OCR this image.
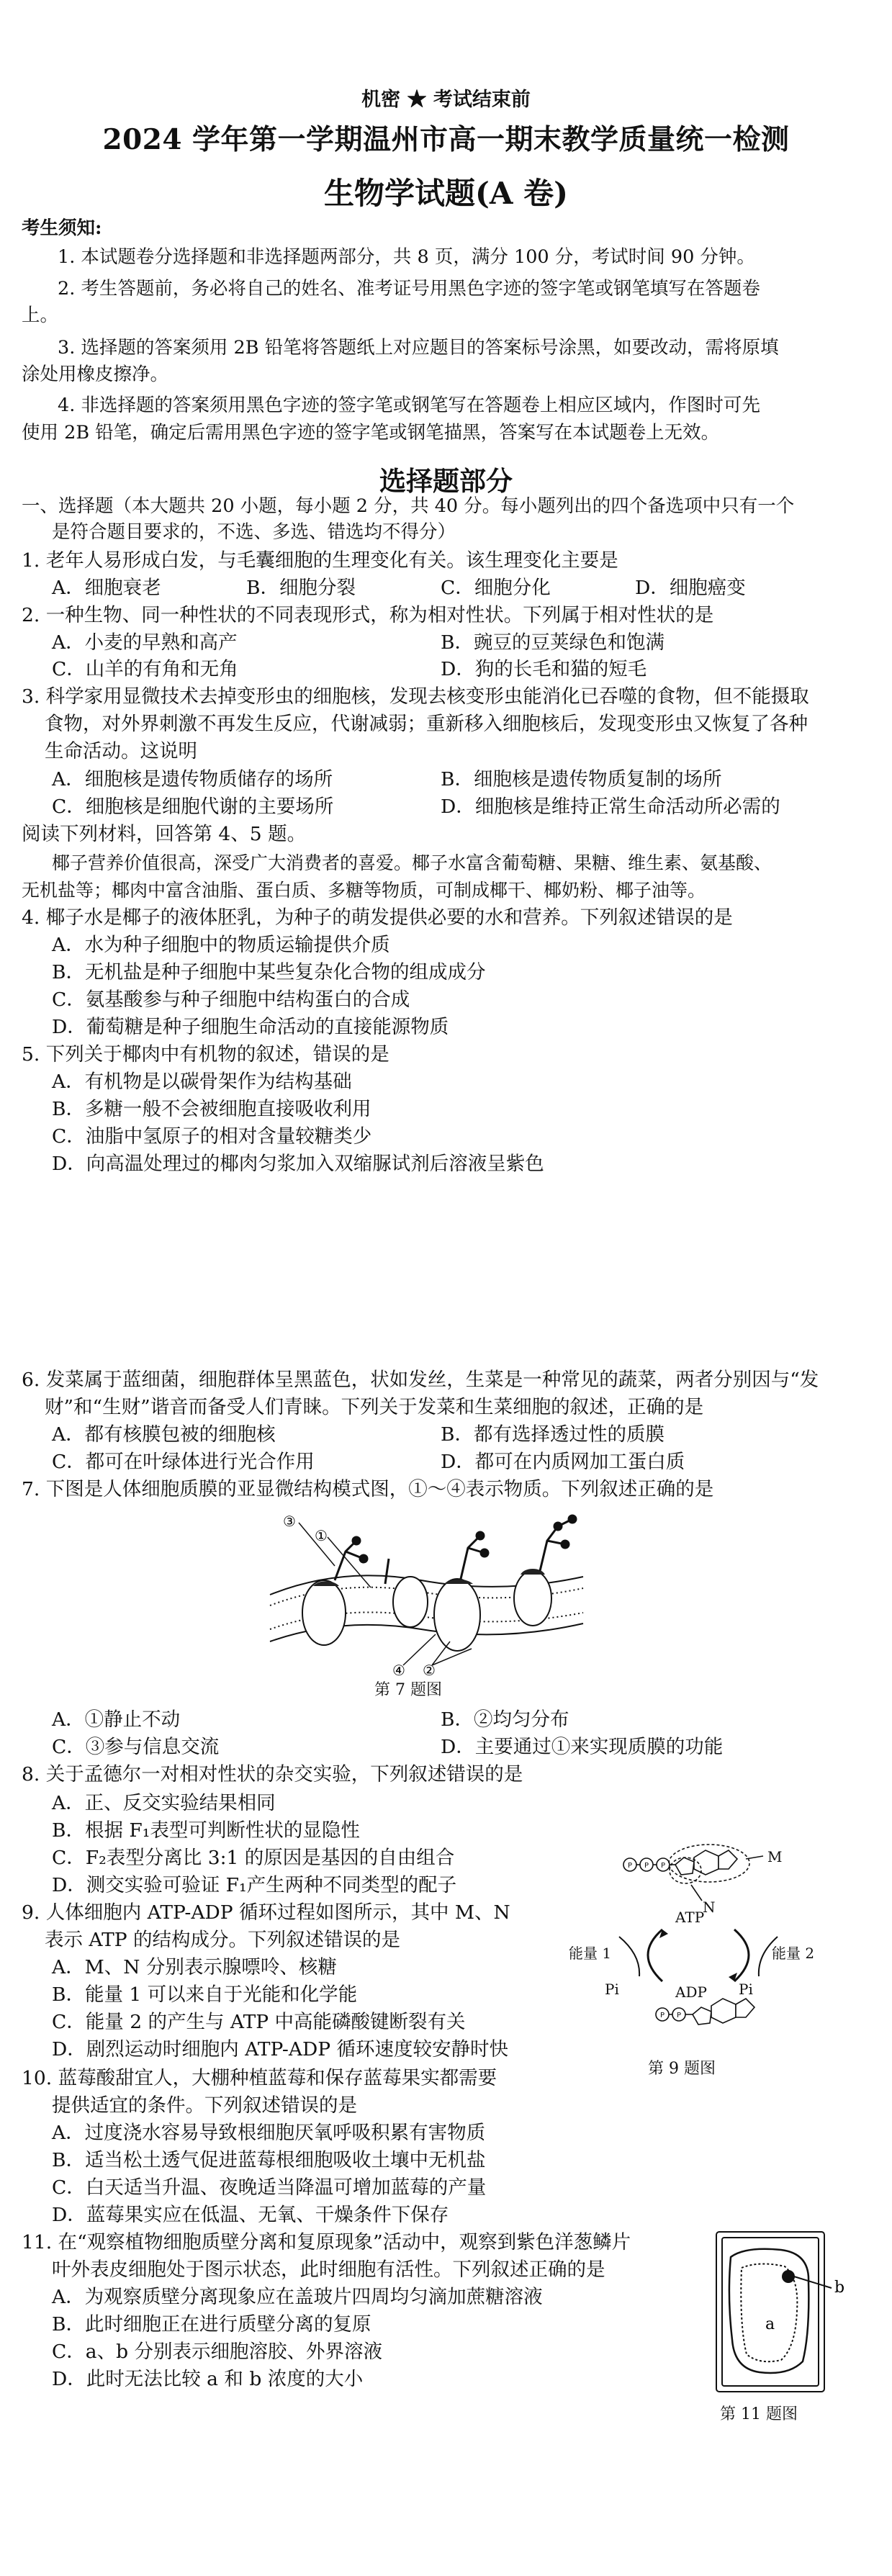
机密 ★ 考试结束前
2024 学年第一学期温州市高一期末教学质量统一检测
生物学试题(A 卷)
考生须知:
1. 本试题卷分选择题和非选择题两部分，共 8 页，满分 100 分，考试时间 90 分钟。
2. 考生答题前，务必将自己的姓名、准考证号用黑色字迹的签字笔或钢笔填写在答题卷
上。
3. 选择题的答案须用 2B 铅笔将答题纸上对应题目的答案标号涂黑，如要改动，需将原填
涂处用橡皮擦净。
4. 非选择题的答案须用黑色字迹的签字笔或钢笔写在答题卷上相应区域内，作图时可先
使用 2B 铅笔，确定后需用黑色字迹的签字笔或钢笔描黑，答案写在本试题卷上无效。
选择题部分
一、选择题（本大题共 20 小题，每小题 2 分，共 40 分。每小题列出的四个备选项中只有一个
是符合题目要求的，不选、多选、错选均不得分）
1. 老年人易形成白发，与毛囊细胞的生理变化有关。该生理变化主要是
A．细胞衰老	B．细胞分裂	C．细胞分化	D．细胞癌变
2. 一种生物、同一种性状的不同表现形式，称为相对性状。下列属于相对性状的是
A．小麦的早熟和高产	B．豌豆的豆荚绿色和饱满
C．山羊的有角和无角	D．狗的长毛和猫的短毛
3. 科学家用显微技术去掉变形虫的细胞核，发现去核变形虫能消化已吞噬的食物，但不能摄取
食物，对外界刺激不再发生反应，代谢减弱；重新移入细胞核后，发现变形虫又恢复了各种
生命活动。这说明
A．细胞核是遗传物质储存的场所	B．细胞核是遗传物质复制的场所
C．细胞核是细胞代谢的主要场所	D．细胞核是维持正常生命活动所必需的
阅读下列材料，回答第 4、5 题。
椰子营养价值很高，深受广大消费者的喜爱。椰子水富含葡萄糖、果糖、维生素、氨基酸、
无机盐等；椰肉中富含油脂、蛋白质、多糖等物质，可制成椰干、椰奶粉、椰子油等。
4. 椰子水是椰子的液体胚乳，为种子的萌发提供必要的水和营养。下列叙述错误的是
A．水为种子细胞中的物质运输提供介质
B．无机盐是种子细胞中某些复杂化合物的组成成分
C．氨基酸参与种子细胞中结构蛋白的合成
D．葡萄糖是种子细胞生命活动的直接能源物质
5. 下列关于椰肉中有机物的叙述，错误的是
A．有机物是以碳骨架作为结构基础
B．多糖一般不会被细胞直接吸收利用
C．油脂中氢原子的相对含量较糖类少
D．向高温处理过的椰肉匀浆加入双缩脲试剂后溶液呈紫色
6. 发菜属于蓝细菌，细胞群体呈黑蓝色，状如发丝，生菜是一种常见的蔬菜，两者分别因与“发
财”和“生财”谐音而备受人们青睐。下列关于发菜和生菜细胞的叙述，正确的是
A．都有核膜包被的细胞核	B．都有选择透过性的质膜
C．都可在叶绿体进行光合作用	D．都可在内质网加工蛋白质
7. 下图是人体细胞质膜的亚显微结构模式图，①～④表示物质。下列叙述正确的是
③
①
④ ②
第 7 题图
A．①静止不动	B．②均匀分布
C．③参与信息交流	D．主要通过①来实现质膜的功能
8. 关于孟德尔一对相对性状的杂交实验，下列叙述错误的是
A．正、反交实验结果相同
B．根据 F₁表型可判断性状的显隐性
C．F₂表型分离比 3:1 的原因是基因的自由组合
D．测交实验可验证 F₁产生两种不同类型的配子
9. 人体细胞内 ATP-ADP 循环过程如图所示，其中 M、N
表示 ATP 的结构成分。下列叙述错误的是
A．M、N 分别表示腺嘌呤、核糖
B．能量 1 可以来自于光能和化学能
C．能量 2 的产生与 ATP 中高能磷酸键断裂有关
D．剧烈运动时细胞内 ATP-ADP 循环速度较安静时快
P P P
M
N
ATP
ADP
能量 1	能量 2
Pi	Pi
P P
第 9 题图
10. 蓝莓酸甜宜人，大棚种植蓝莓和保存蓝莓果实都需要
提供适宜的条件。下列叙述错误的是
A．过度浇水容易导致根细胞厌氧呼吸积累有害物质
B．适当松土透气促进蓝莓根细胞吸收土壤中无机盐
C．白天适当升温、夜晚适当降温可增加蓝莓的产量
D．蓝莓果实应在低温、无氧、干燥条件下保存
11. 在“观察植物细胞质壁分离和复原现象”活动中，观察到紫色洋葱鳞片
叶外表皮细胞处于图示状态，此时细胞有活性。下列叙述正确的是
A．为观察质壁分离现象应在盖玻片四周均匀滴加蔗糖溶液
B．此时细胞正在进行质壁分离的复原
C．a、b 分别表示细胞溶胶、外界溶液
D．此时无法比较 a 和 b 浓度的大小
a
b
第 11 题图
